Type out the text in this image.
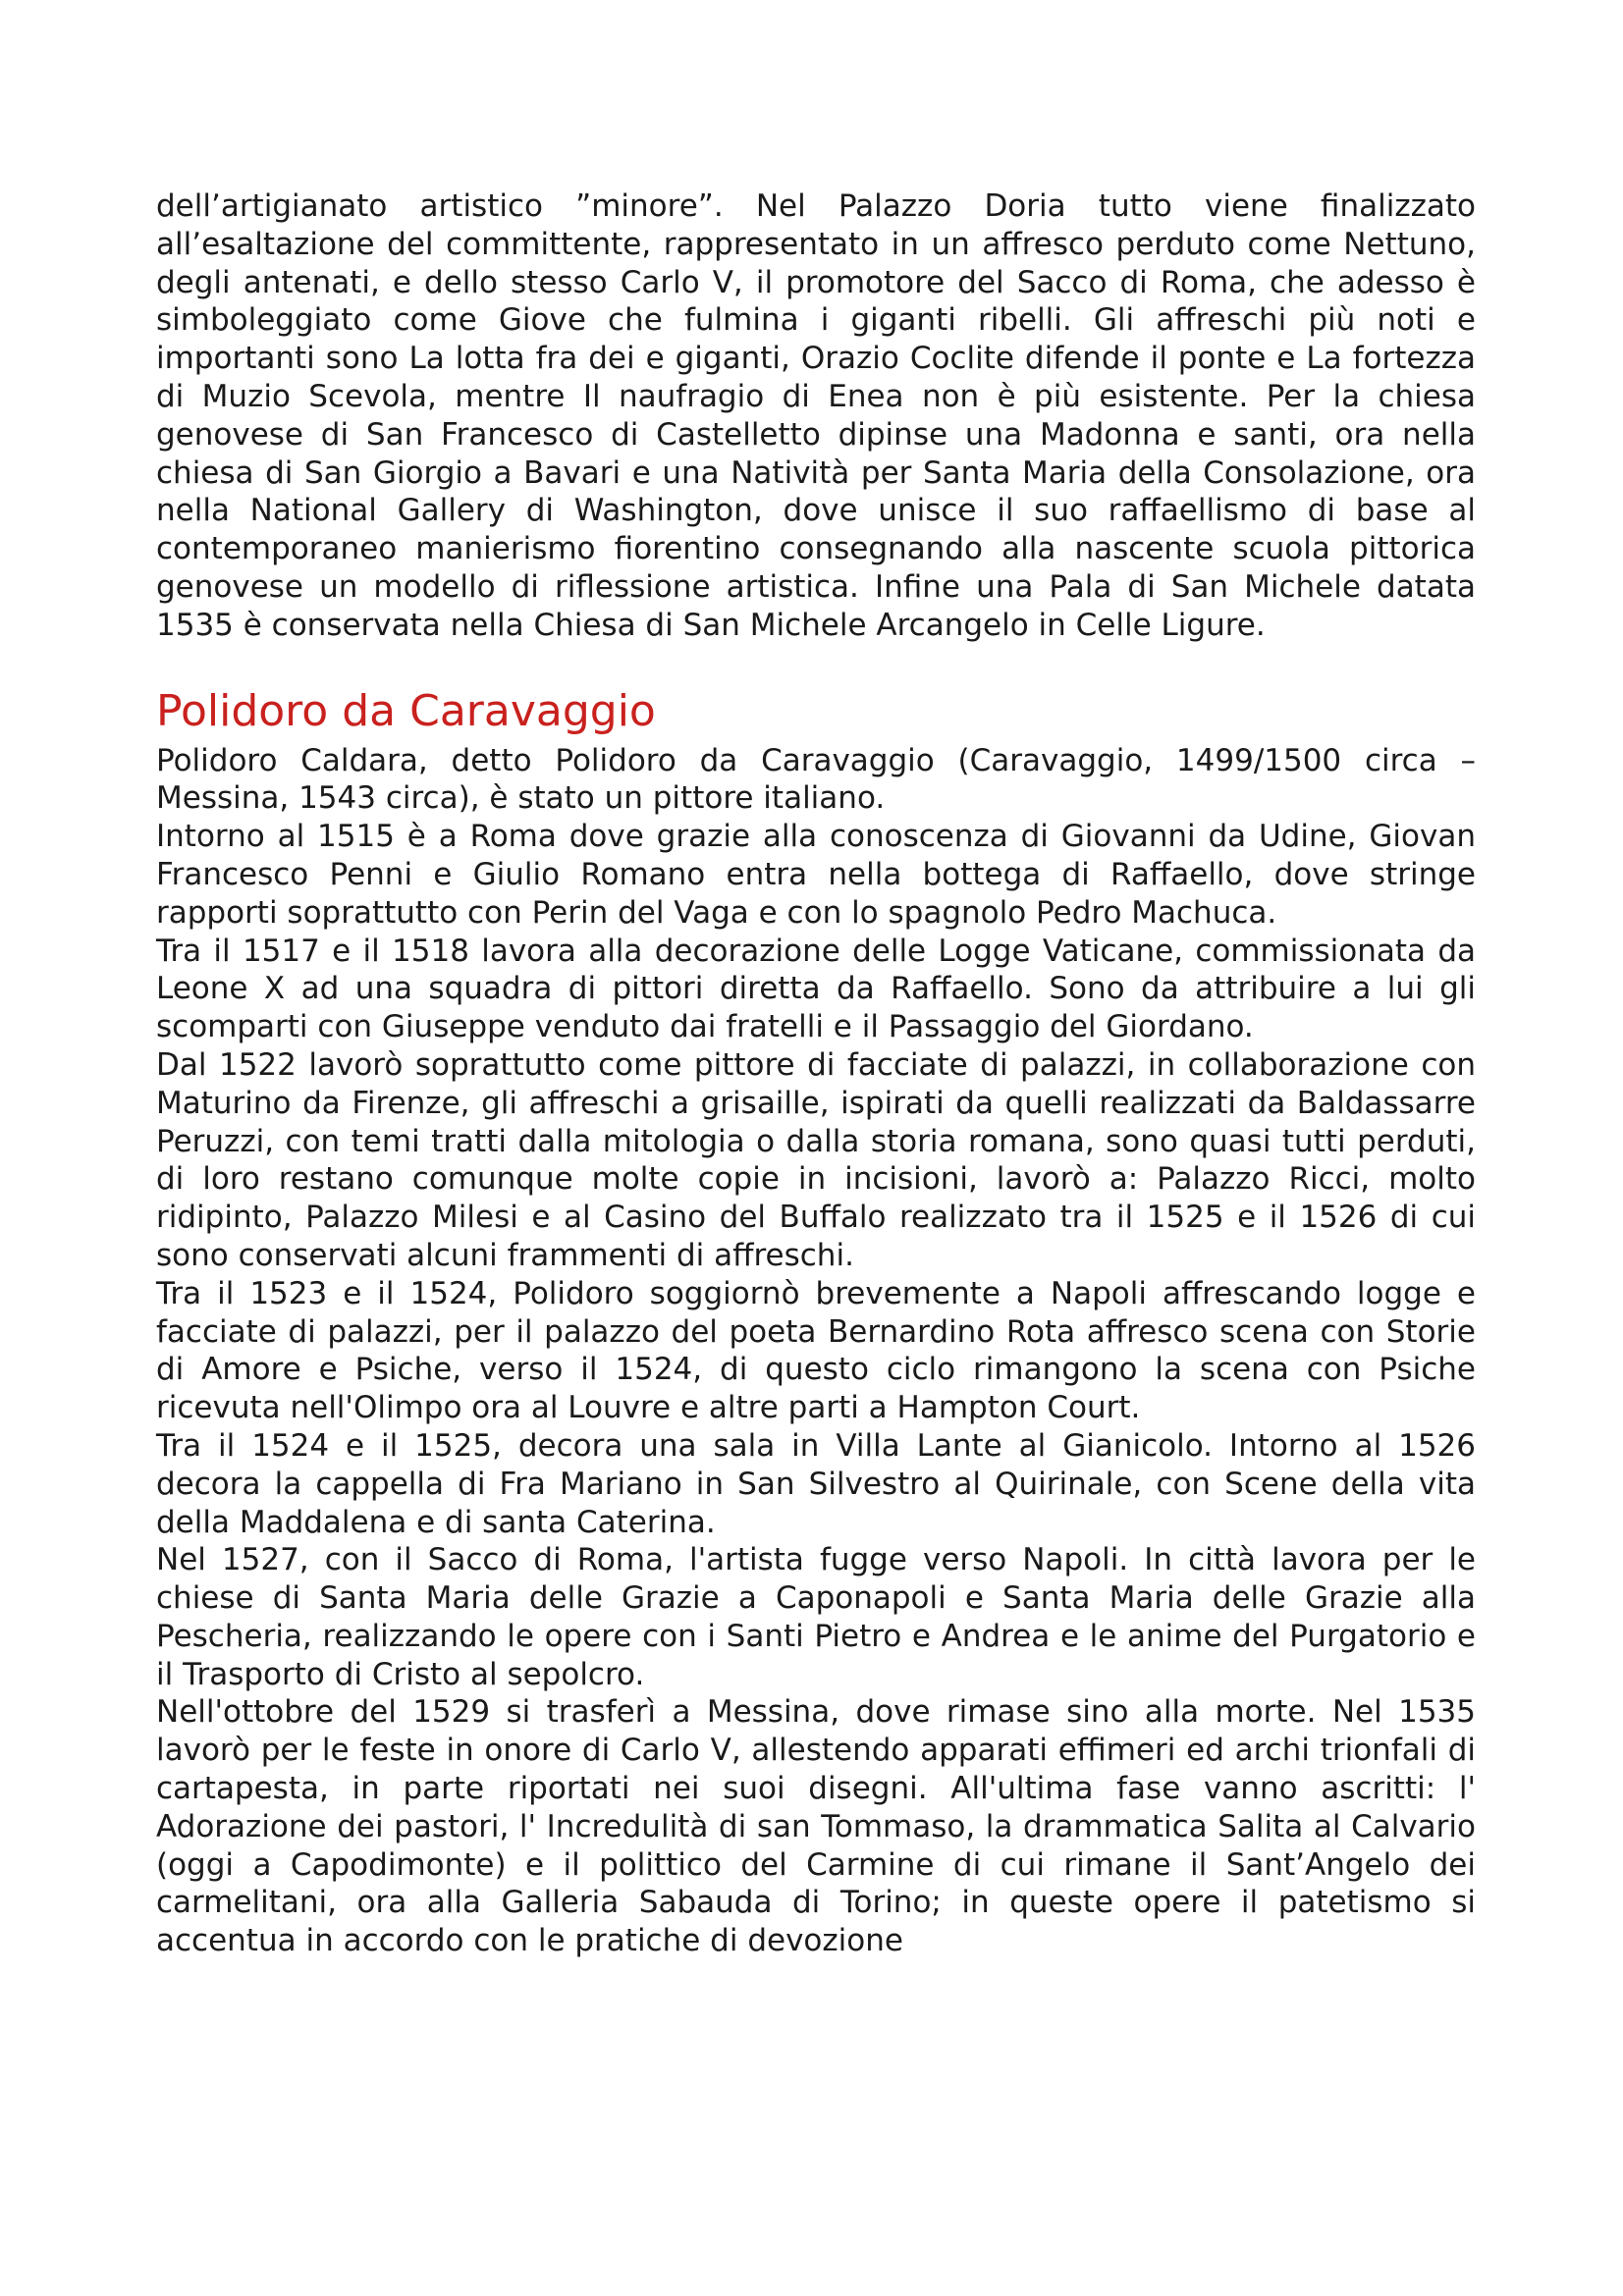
dell’artigianato artistico ”minore”. Nel Palazzo Doria tutto viene finalizzato all’esaltazione del committente, rappresentato in un affresco perduto come Nettuno, degli antenati, e dello stesso Carlo V, il promotore del Sacco di Roma, che adesso è simboleggiato come Giove che fulmina i giganti ribelli. Gli affreschi più noti e importanti sono La lotta fra dei e giganti, Orazio Coclite difende il ponte e La fortezza di Muzio Scevola, mentre Il naufragio di Enea non è più esistente. Per la chiesa genovese di San Francesco di Castelletto dipinse una Madonna e santi, ora nella chiesa di San Giorgio a Bavari e una Natività per Santa Maria della Consolazione, ora nella National Gallery di Washington, dove unisce il suo raffaellismo di base al contemporaneo manierismo fiorentino consegnando alla nascente scuola pittorica genovese un modello di riflessione artistica. Infine una Pala di San Michele datata 1535 è conservata nella Chiesa di San Michele Arcangelo in Celle Ligure.

Polidoro da Caravaggio

Polidoro Caldara, detto Polidoro da Caravaggio (Caravaggio, 1499/1500 circa – Messina, 1543 circa), è stato un pittore italiano.

Intorno al 1515 è a Roma dove grazie alla conoscenza di Giovanni da Udine, Giovan Francesco Penni e Giulio Romano entra nella bottega di Raffaello, dove stringe rapporti soprattutto con Perin del Vaga e con lo spagnolo Pedro Machuca.

Tra il 1517 e il 1518 lavora alla decorazione delle Logge Vaticane, commissionata da Leone X ad una squadra di pittori diretta da Raffaello. Sono da attribuire a lui gli scomparti con Giuseppe venduto dai fratelli e il Passaggio del Giordano.

Dal 1522 lavorò soprattutto come pittore di facciate di palazzi, in collaborazione con Maturino da Firenze, gli affreschi a grisaille, ispirati da quelli realizzati da Baldassarre Peruzzi, con temi tratti dalla mitologia o dalla storia romana, sono quasi tutti perduti, di loro restano comunque molte copie in incisioni, lavorò a: Palazzo Ricci, molto ridipinto, Palazzo Milesi e al Casino del Buffalo realizzato tra il 1525 e il 1526 di cui sono conservati alcuni frammenti di affreschi.

Tra il 1523 e il 1524, Polidoro soggiornò brevemente a Napoli affrescando logge e facciate di palazzi, per il palazzo del poeta Bernardino Rota affresco scena con Storie di Amore e Psiche, verso il 1524, di questo ciclo rimangono la scena con Psiche ricevuta nell'Olimpo ora al Louvre e altre parti a Hampton Court.

Tra il 1524 e il 1525, decora una sala in Villa Lante al Gianicolo. Intorno al 1526 decora la cappella di Fra Mariano in San Silvestro al Quirinale, con Scene della vita della Maddalena e di santa Caterina.

Nel 1527, con il Sacco di Roma, l'artista fugge verso Napoli. In città lavora per le chiese di Santa Maria delle Grazie a Caponapoli e Santa Maria delle Grazie alla Pescheria, realizzando le opere con i Santi Pietro e Andrea e le anime del Purgatorio e il Trasporto di Cristo al sepolcro.

Nell'ottobre del 1529 si trasferì a Messina, dove rimase sino alla morte. Nel 1535 lavorò per le feste in onore di Carlo V, allestendo apparati effimeri ed archi trionfali di cartapesta, in parte riportati nei suoi disegni. All'ultima fase vanno ascritti: l' Adorazione dei pastori, l' Incredulità di san Tommaso, la drammatica Salita al Calvario (oggi a Capodimonte) e il polittico del Carmine di cui rimane il Sant’Angelo dei carmelitani, ora alla Galleria Sabauda di Torino; in queste opere il patetismo si accentua in accordo con le pratiche di devozione
